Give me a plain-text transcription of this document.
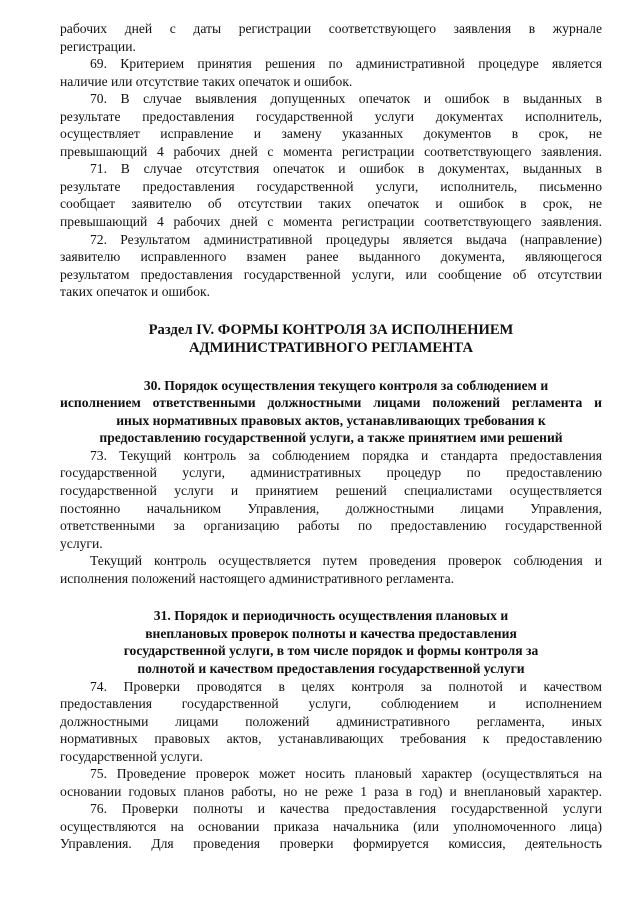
рабочих дней с даты регистрации соответствующего заявления в журнале
регистрации.
69. Критерием принятия решения по административной процедуре является
наличие или отсутствие таких опечаток и ошибок.
70. В случае выявления допущенных опечаток и ошибок в выданных в
результате предоставления государственной услуги документах исполнитель,
осуществляет исправление и замену указанных документов в срок, не
превышающий 4 рабочих дней с момента регистрации соответствующего заявления.
71. В случае отсутствия опечаток и ошибок в документах, выданных в
результате предоставления государственной услуги, исполнитель, письменно
сообщает заявителю об отсутствии таких опечаток и ошибок в срок, не
превышающий 4 рабочих дней с момента регистрации соответствующего заявления.
72. Результатом административной процедуры является выдача (направление)
заявителю исправленного взамен ранее выданного документа, являющегося
результатом предоставления государственной услуги, или сообщение об отсутствии
таких опечаток и ошибок.
Раздел IV. ФОРМЫ КОНТРОЛЯ ЗА ИСПОЛНЕНИЕМ
АДМИНИСТРАТИВНОГО РЕГЛАМЕНТА
30. Порядок осуществления текущего контроля за соблюдением и
исполнением ответственными должностными лицами положений регламента и
иных нормативных правовых актов, устанавливающих требования к
предоставлению государственной услуги, а также принятием ими решений
73. Текущий контроль за соблюдением порядка и стандарта предоставления
государственной услуги, административных процедур по предоставлению
государственной услуги и принятием решений специалистами осуществляется
постоянно начальником Управления, должностными лицами Управления,
ответственными за организацию работы по предоставлению государственной
услуги.
Текущий контроль осуществляется путем проведения проверок соблюдения и
исполнения положений настоящего административного регламента.
31. Порядок и периодичность осуществления плановых и
внеплановых проверок полноты и качества предоставления
государственной услуги, в том числе порядок и формы контроля за
полнотой и качеством предоставления государственной услуги
74. Проверки проводятся в целях контроля за полнотой и качеством
предоставления государственной услуги, соблюдением и исполнением
должностными лицами положений административного регламента, иных
нормативных правовых актов, устанавливающих требования к предоставлению
государственной услуги.
75. Проведение проверок может носить плановый характер (осуществляться на
основании годовых планов работы, но не реже 1 раза в год) и внеплановый характер.
76. Проверки полноты и качества предоставления государственной услуги
осуществляются на основании приказа начальника (или уполномоченного лица)
Управления. Для проведения проверки формируется комиссия, деятельность
